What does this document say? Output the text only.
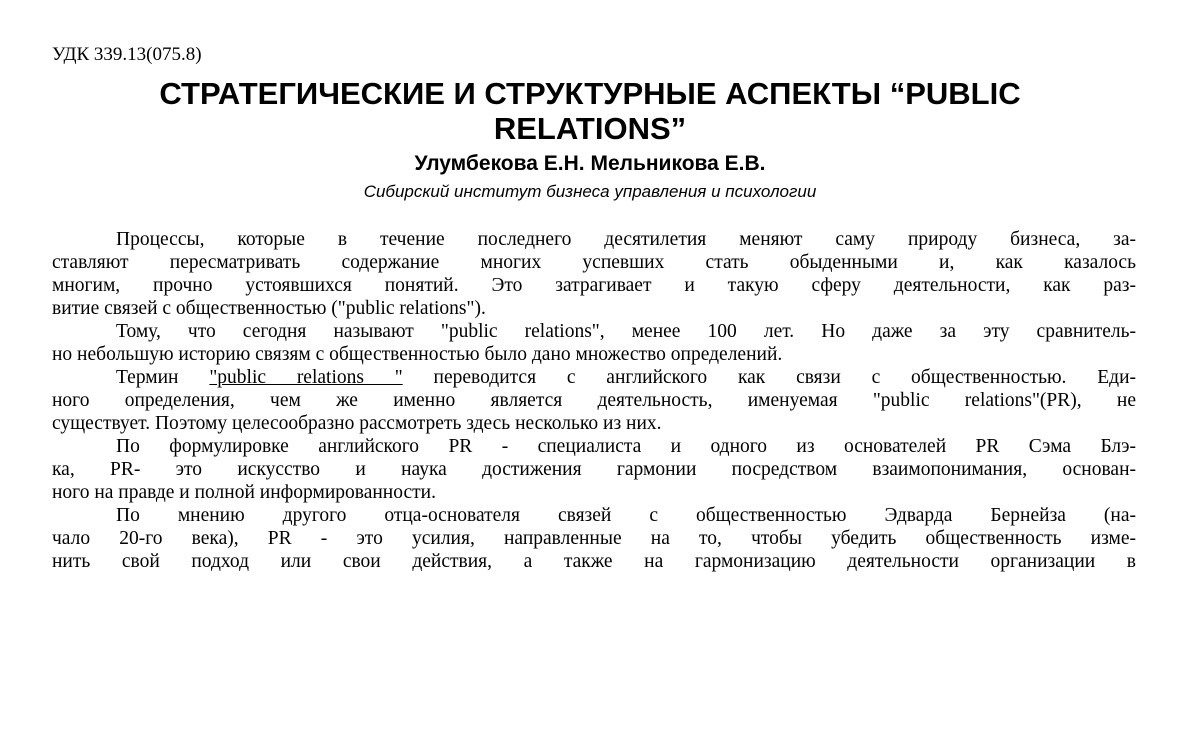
УДК 339.13(075.8)
СТРАТЕГИЧЕСКИЕ И СТРУКТУРНЫЕ АСПЕКТЫ “PUBLIC
RELATIONS”
Улумбекова Е.Н. Мельникова Е.В.
Сибирский институт бизнеса управления и психологии
Процессы, которые в течение последнего десятилетия меняют саму природу бизнеса, за-
ставляют пересматривать содержание многих успевших стать обыденными и, как казалось
многим, прочно устоявшихся понятий. Это затрагивает и такую сферу деятельности, как раз-
витие связей с общественностью ("public relations").
Тому, что сегодня называют "public relations", менее 100 лет. Но даже за эту сравнитель-
но небольшую историю связям с общественностью было дано множество определений.
Термин "public relations " переводится с английского как связи с общественностью. Еди-
ного определения, чем же именно является деятельность, именуемая "public relations"(PR), не
существует. Поэтому целесообразно рассмотреть здесь несколько из них.
По формулировке английского PR - специалиста и одного из основателей PR Сэма Блэ-
ка, PR- это искусство и наука достижения гармонии посредством взаимопонимания, основан-
ного на правде и полной информированности.
По мнению другого отца-основателя связей с общественностью Эдварда Бернейза (на-
чало 20-го века), PR - это усилия, направленные на то, чтобы убедить общественность изме-
нить свой подход или свои действия, а также на гармонизацию деятельности организации в
